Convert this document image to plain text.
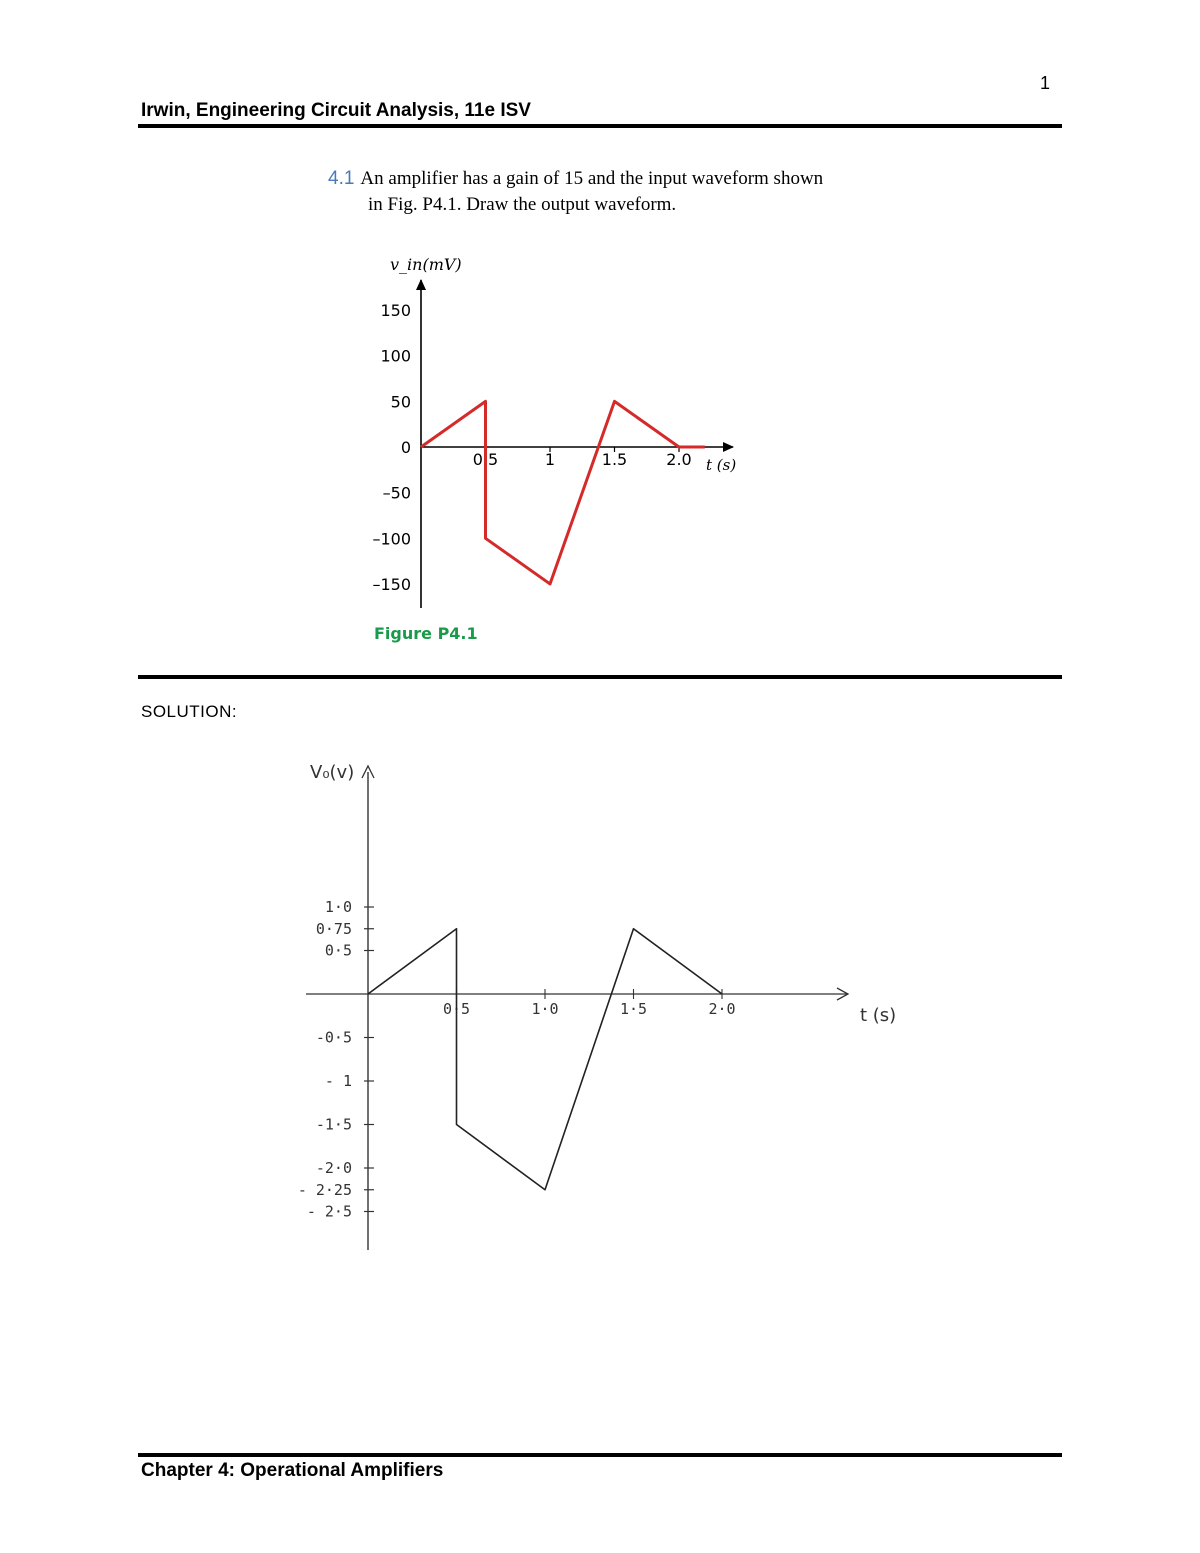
1
Irwin, Engineering Circuit Analysis, 11e ISV
4.1 An amplifier has a gain of 15 and the input waveform shown
in Fig. P4.1. Draw the output waveform.
SOLUTION:
Chapter 4: Operational Amplifiers
v_in(mV)
t (s)
150
100
50
0
–50
–100
–150
0.5	1	1.5 2.0
Figure P4.1
V₀(v)
t (s)
1·0
0·75
0·5
-0·5
- 1
-1·5
-2·0
- 2·25
- 2·5
0·5	1·0	1·5	2·0
